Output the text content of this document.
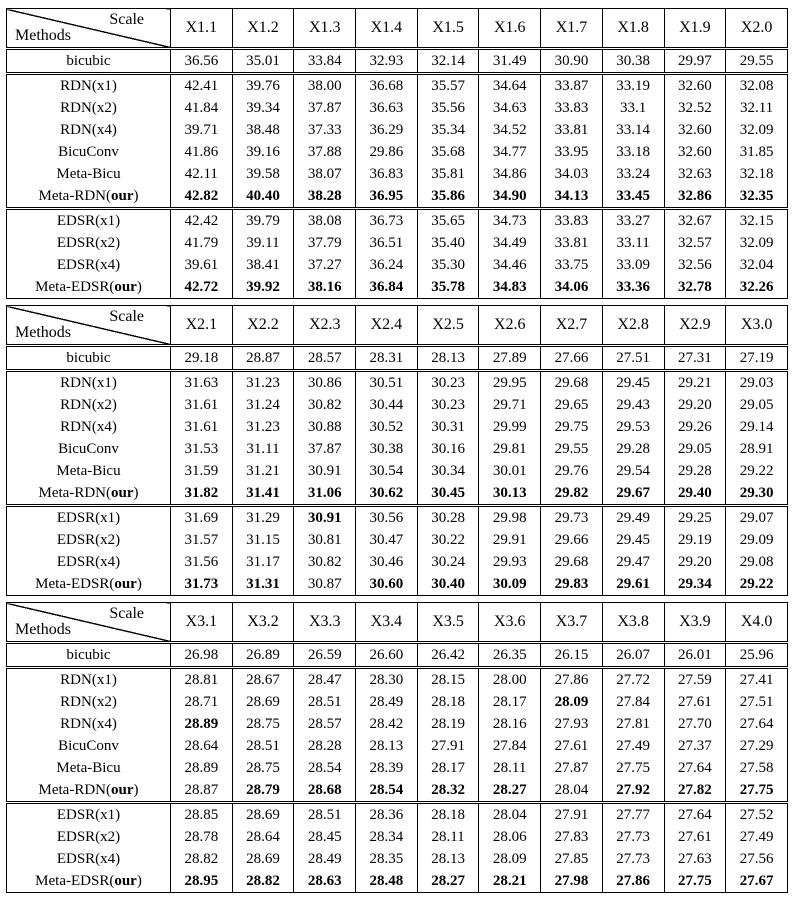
Scale
Methods	X1.1	X1.2	X1.3	X1.4	X1.5	X1.6	X1.7	X1.8	X1.9	X2.0
bicubic	36.56	35.01	33.84	32.93	32.14	31.49	30.90	30.38	29.97	29.55
RDN(x1)	42.41	39.76	38.00	36.68	35.57	34.64	33.87	33.19	32.60	32.08
RDN(x2)	41.84	39.34	37.87	36.63	35.56	34.63	33.83	33.1	32.52	32.11
RDN(x4)	39.71	38.48	37.33	36.29	35.34	34.52	33.81	33.14	32.60	32.09
BicuConv	41.86	39.16	37.88	29.86	35.68	34.77	33.95	33.18	32.60	31.85
Meta-Bicu	42.11	39.58	38.07	36.83	35.81	34.86	34.03	33.24	32.63	32.18
Meta-RDN(our)	42.82	40.40	38.28	36.95	35.86	34.90	34.13	33.45	32.86	32.35
EDSR(x1)	42.42	39.79	38.08	36.73	35.65	34.73	33.83	33.27	32.67	32.15
EDSR(x2)	41.79	39.11	37.79	36.51	35.40	34.49	33.81	33.11	32.57	32.09
EDSR(x4)	39.61	38.41	37.27	36.24	35.30	34.46	33.75	33.09	32.56	32.04
Meta-EDSR(our)	42.72	39.92	38.16	36.84	35.78	34.83	34.06	33.36	32.78	32.26
Scale
Methods	X2.1	X2.2	X2.3	X2.4	X2.5	X2.6	X2.7	X2.8	X2.9	X3.0
bicubic	29.18	28.87	28.57	28.31	28.13	27.89	27.66	27.51	27.31	27.19
RDN(x1)	31.63	31.23	30.86	30.51	30.23	29.95	29.68	29.45	29.21	29.03
RDN(x2)	31.61	31.24	30.82	30.44	30.23	29.71	29.65	29.43	29.20	29.05
RDN(x4)	31.61	31.23	30.88	30.52	30.31	29.99	29.75	29.53	29.26	29.14
BicuConv	31.53	31.11	37.87	30.38	30.16	29.81	29.55	29.28	29.05	28.91
Meta-Bicu	31.59	31.21	30.91	30.54	30.34	30.01	29.76	29.54	29.28	29.22
Meta-RDN(our)	31.82	31.41	31.06	30.62	30.45	30.13	29.82	29.67	29.40	29.30
EDSR(x1)	31.69	31.29	30.91	30.56	30.28	29.98	29.73	29.49	29.25	29.07
EDSR(x2)	31.57	31.15	30.81	30.47	30.22	29.91	29.66	29.45	29.19	29.09
EDSR(x4)	31.56	31.17	30.82	30.46	30.24	29.93	29.68	29.47	29.20	29.08
Meta-EDSR(our)	31.73	31.31	30.87	30.60	30.40	30.09	29.83	29.61	29.34	29.22
Scale
Methods	X3.1	X3.2	X3.3	X3.4	X3.5	X3.6	X3.7	X3.8	X3.9	X4.0
bicubic	26.98	26.89	26.59	26.60	26.42	26.35	26.15	26.07	26.01	25.96
RDN(x1)	28.81	28.67	28.47	28.30	28.15	28.00	27.86	27.72	27.59	27.41
RDN(x2)	28.71	28.69	28.51	28.49	28.18	28.17	28.09	27.84	27.61	27.51
RDN(x4)	28.89	28.75	28.57	28.42	28.19	28.16	27.93	27.81	27.70	27.64
BicuConv	28.64	28.51	28.28	28.13	27.91	27.84	27.61	27.49	27.37	27.29
Meta-Bicu	28.89	28.75	28.54	28.39	28.17	28.11	27.87	27.75	27.64	27.58
Meta-RDN(our)	28.87	28.79	28.68	28.54	28.32	28.27	28.04	27.92	27.82	27.75
EDSR(x1)	28.85	28.69	28.51	28.36	28.18	28.04	27.91	27.77	27.64	27.52
EDSR(x2)	28.78	28.64	28.45	28.34	28.11	28.06	27.83	27.73	27.61	27.49
EDSR(x4)	28.82	28.69	28.49	28.35	28.13	28.09	27.85	27.73	27.63	27.56
Meta-EDSR(our)	28.95	28.82	28.63	28.48	28.27	28.21	27.98	27.86	27.75	27.67
